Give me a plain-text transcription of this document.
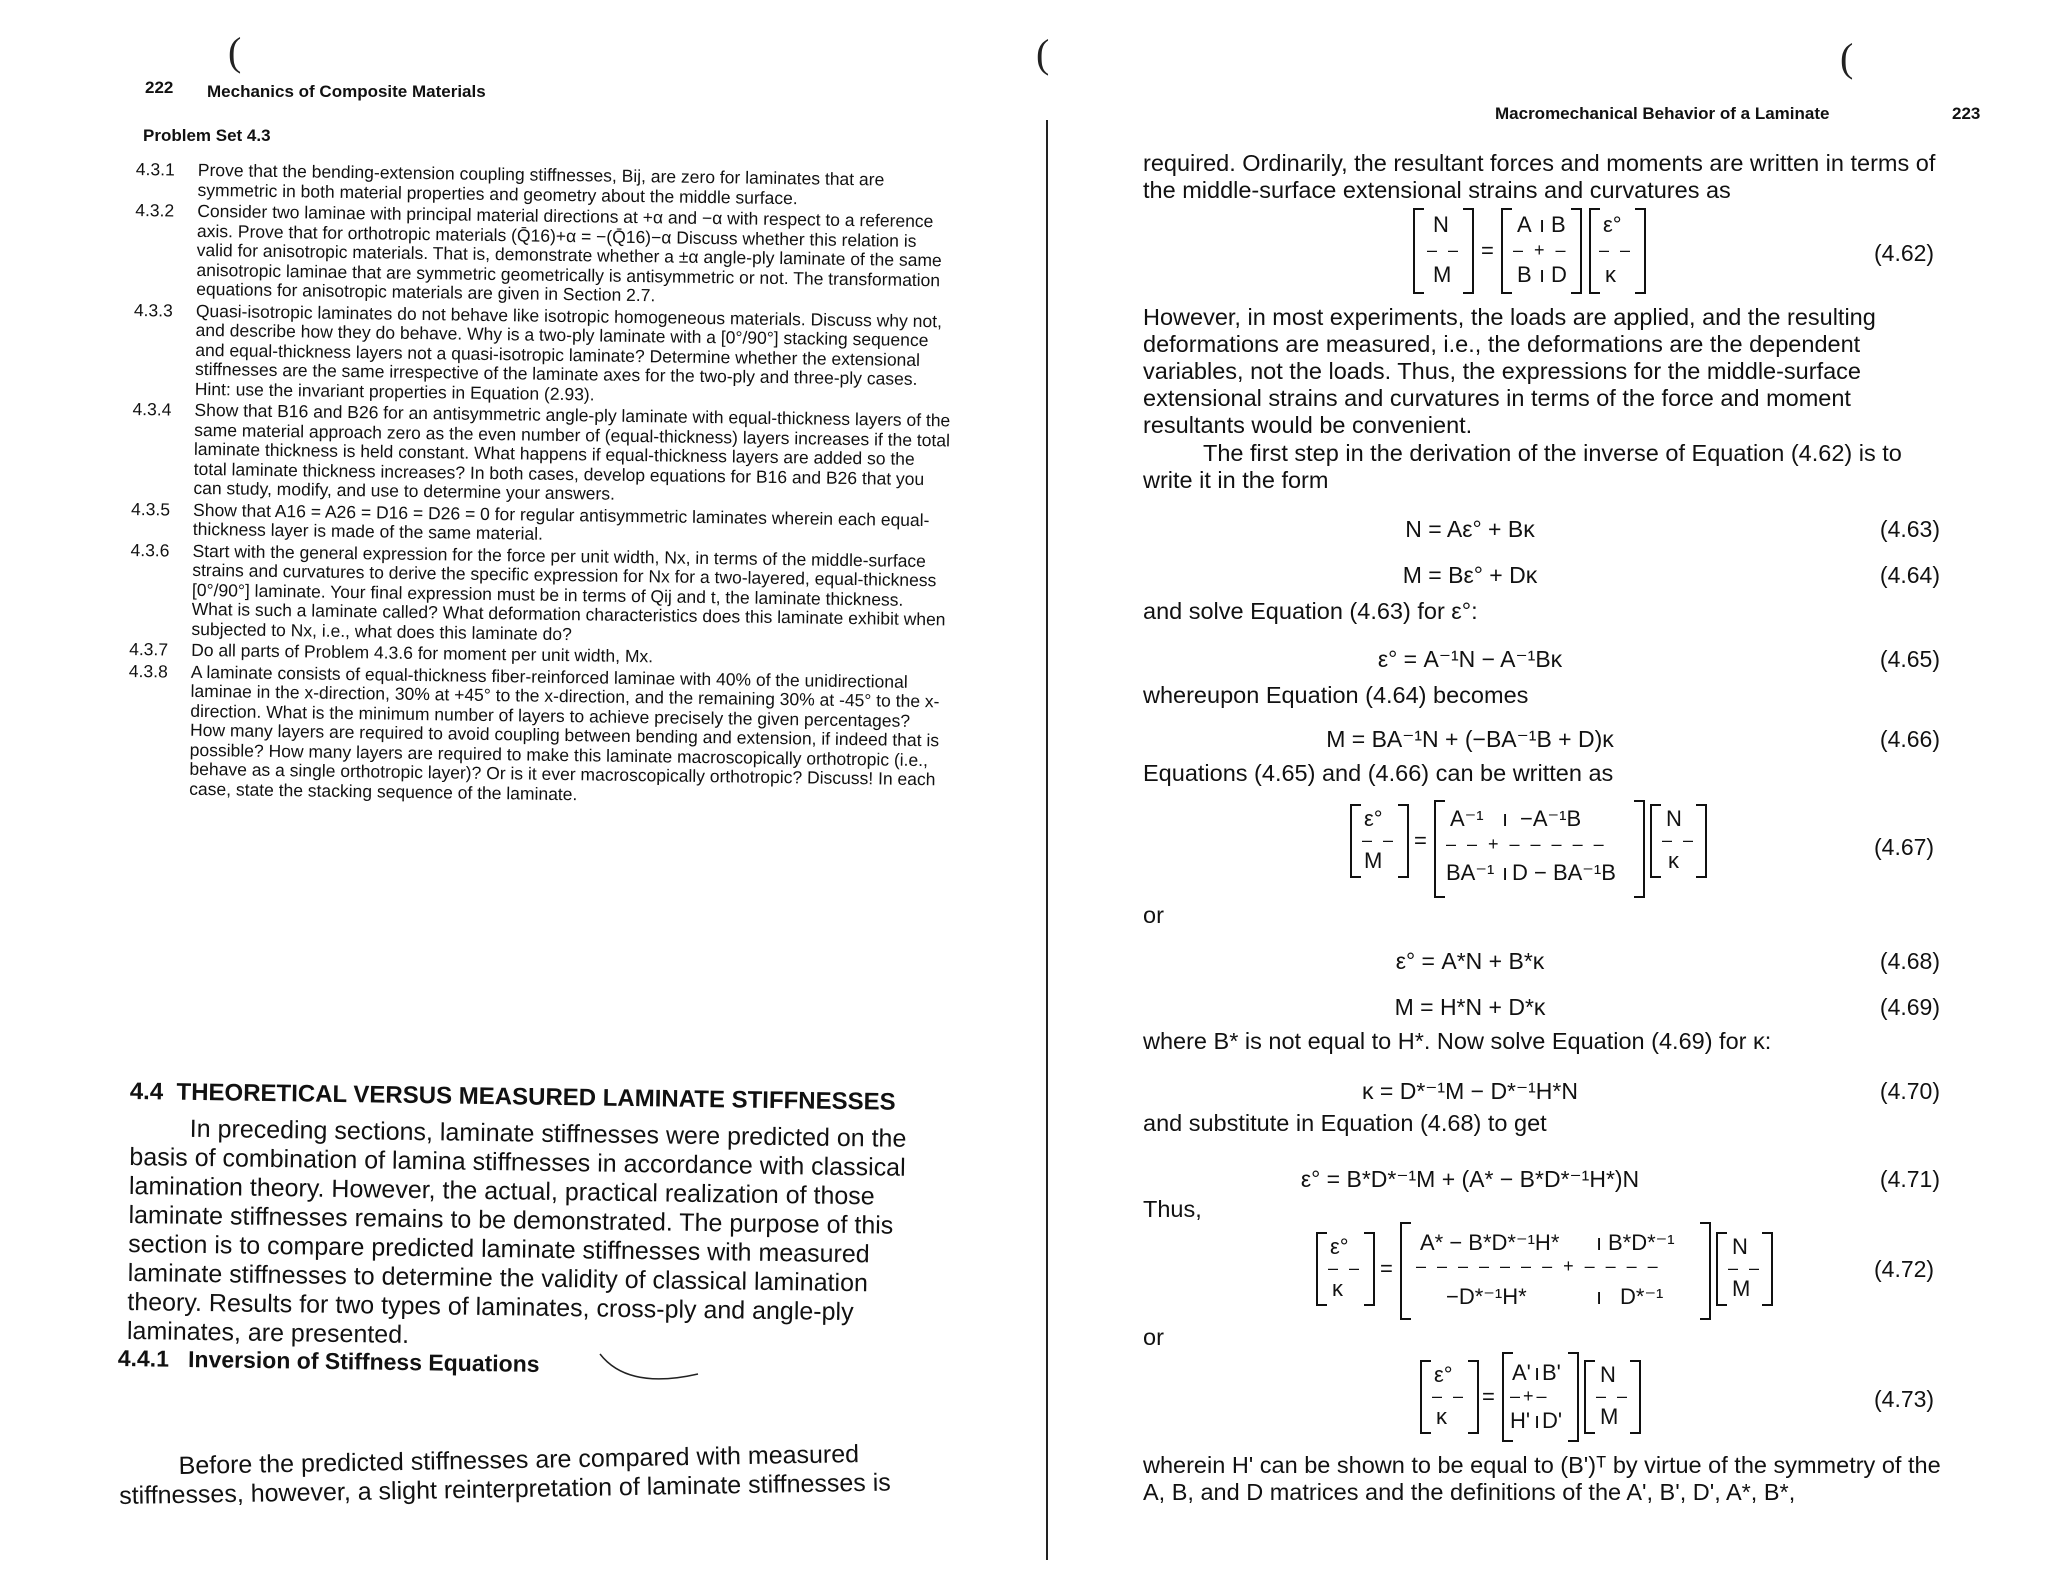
(	(	(
222 Mechanics of Composite Materials
Problem Set 4.3
4.3.1	Prove that the bending-extension coupling stiffnesses, Bij, are zero for laminates that are symmetric in both material properties and geometry about the middle surface.
4.3.2	Consider two laminae with principal material directions at +α and −α with respect to a reference axis. Prove that for orthotropic materials (Q̄16)+α = −(Q̄16)−α Discuss whether this relation is valid for anisotropic materials. That is, demonstrate whether a ±α angle-ply laminate of the same anisotropic laminae that are symmetric geometrically is antisymmetric or not. The transformation equations for anisotropic materials are given in Section 2.7.
4.3.3	Quasi-isotropic laminates do not behave like isotropic homogeneous materials. Discuss why not, and describe how they do behave. Why is a two-ply laminate with a [0°/90°] stacking sequence and equal-thickness layers not a quasi-isotropic laminate? Determine whether the extensional stiffnesses are the same irrespective of the laminate axes for the two-ply and three-ply cases. Hint: use the invariant properties in Equation (2.93).
4.3.4	Show that B16 and B26 for an antisymmetric angle-ply laminate with equal-thickness layers of the same material approach zero as the even number of (equal-thickness) layers increases if the total laminate thickness is held constant. What happens if equal-thickness layers are added so the total laminate thickness increases? In both cases, develop equations for B16 and B26 that you can study, modify, and use to determine your answers.
4.3.5	Show that A16 = A26 = D16 = D26 = 0 for regular antisymmetric laminates wherein each equal-thickness layer is made of the same material.
4.3.6	Start with the general expression for the force per unit width, Nx, in terms of the middle-surface strains and curvatures to derive the specific expression for Nx for a two-layered, equal-thickness [0°/90°] laminate. Your final expression must be in terms of Qij and t, the laminate thickness. What is such a laminate called? What deformation characteristics does this laminate exhibit when subjected to Nx, i.e., what does this laminate do?
4.3.7	Do all parts of Problem 4.3.6 for moment per unit width, Mx.
4.3.8	A laminate consists of equal-thickness fiber-reinforced laminae with 40% of the unidirectional laminae in the x-direction, 30% at +45° to the x-direction, and the remaining 30% at -45° to the x-direction. What is the minimum number of layers to achieve precisely the given percentages? How many layers are required to avoid coupling between bending and extension, if indeed that is possible? How many layers are required to make this laminate macroscopically orthotropic (i.e., behave as a single orthotropic layer)? Or is it ever macroscopically orthotropic? Discuss! In each case, state the stacking sequence of the laminate.
4.4 THEORETICAL VERSUS MEASURED LAMINATE STIFFNESSES

In preceding sections, laminate stiffnesses were predicted on the basis of combination of lamina stiffnesses in accordance with classical lamination theory. However, the actual, practical realization of those laminate stiffnesses remains to be demonstrated. The purpose of this section is to compare predicted laminate stiffnesses with measured laminate stiffnesses to determine the validity of classical lamination theory. Results for two types of laminates, cross-ply and angle-ply laminates, are presented.

4.4.1 Inversion of Stiffness Equations

Before the predicted stiffnesses are compared with measured stiffnesses, however, a slight reinterpretation of laminate stiffnesses is

Macromechanical Behavior of a Laminate	223

required. Ordinarily, the resultant forces and moments are written in terms of the middle-surface extensional strains and curvatures as

N
– –
M
=
A ı B
– + –
B ı D
ε°
– –
κ
(4.62)

However, in most experiments, the loads are applied, and the resulting deformations are measured, i.e., the deformations are the dependent variables, not the loads. Thus, the expressions for the middle-surface extensional strains and curvatures in terms of the force and moment resultants would be convenient.

The first step in the derivation of the inverse of Equation (4.62) is to write it in the form

N = Aε° + Bκ	(4.63)
M = Bε° + Dκ	(4.64)

and solve Equation (4.63) for ε°:

ε° = A⁻¹N − A⁻¹Bκ	(4.65)

whereupon Equation (4.64) becomes

M = BA⁻¹N + (−BA⁻¹B + D)κ	(4.66)

Equations (4.65) and (4.66) can be written as

ε°
– –
M
=
A⁻¹ ı −A⁻¹B
– – + – – – – –
BA⁻¹ ı D − BA⁻¹B
N
– –
κ
(4.67)

or

ε° = A*N + B*κ	(4.68)
M = H*N + D*κ	(4.69)

where B* is not equal to H*. Now solve Equation (4.69) for κ:

κ = D*⁻¹M − D*⁻¹H*N	(4.70)

and substitute in Equation (4.68) to get

ε° = B*D*⁻¹M + (A* − B*D*⁻¹H*)N	(4.71)

Thus,

ε°
– –
κ
=
A* − B*D*⁻¹H* ı B*D*⁻¹
– – – – – – – + – – – –
−D*⁻¹H*	ı D*⁻¹
N
– –
M
(4.72)

or

ε°
– –
κ
=
A' ı B'
–+–
H' ı D'
N
– –
M
(4.73)

wherein H' can be shown to be equal to (B')ᵀ by virtue of the symmetry of the A, B, and D matrices and the definitions of the A', B', D', A*, B*,
